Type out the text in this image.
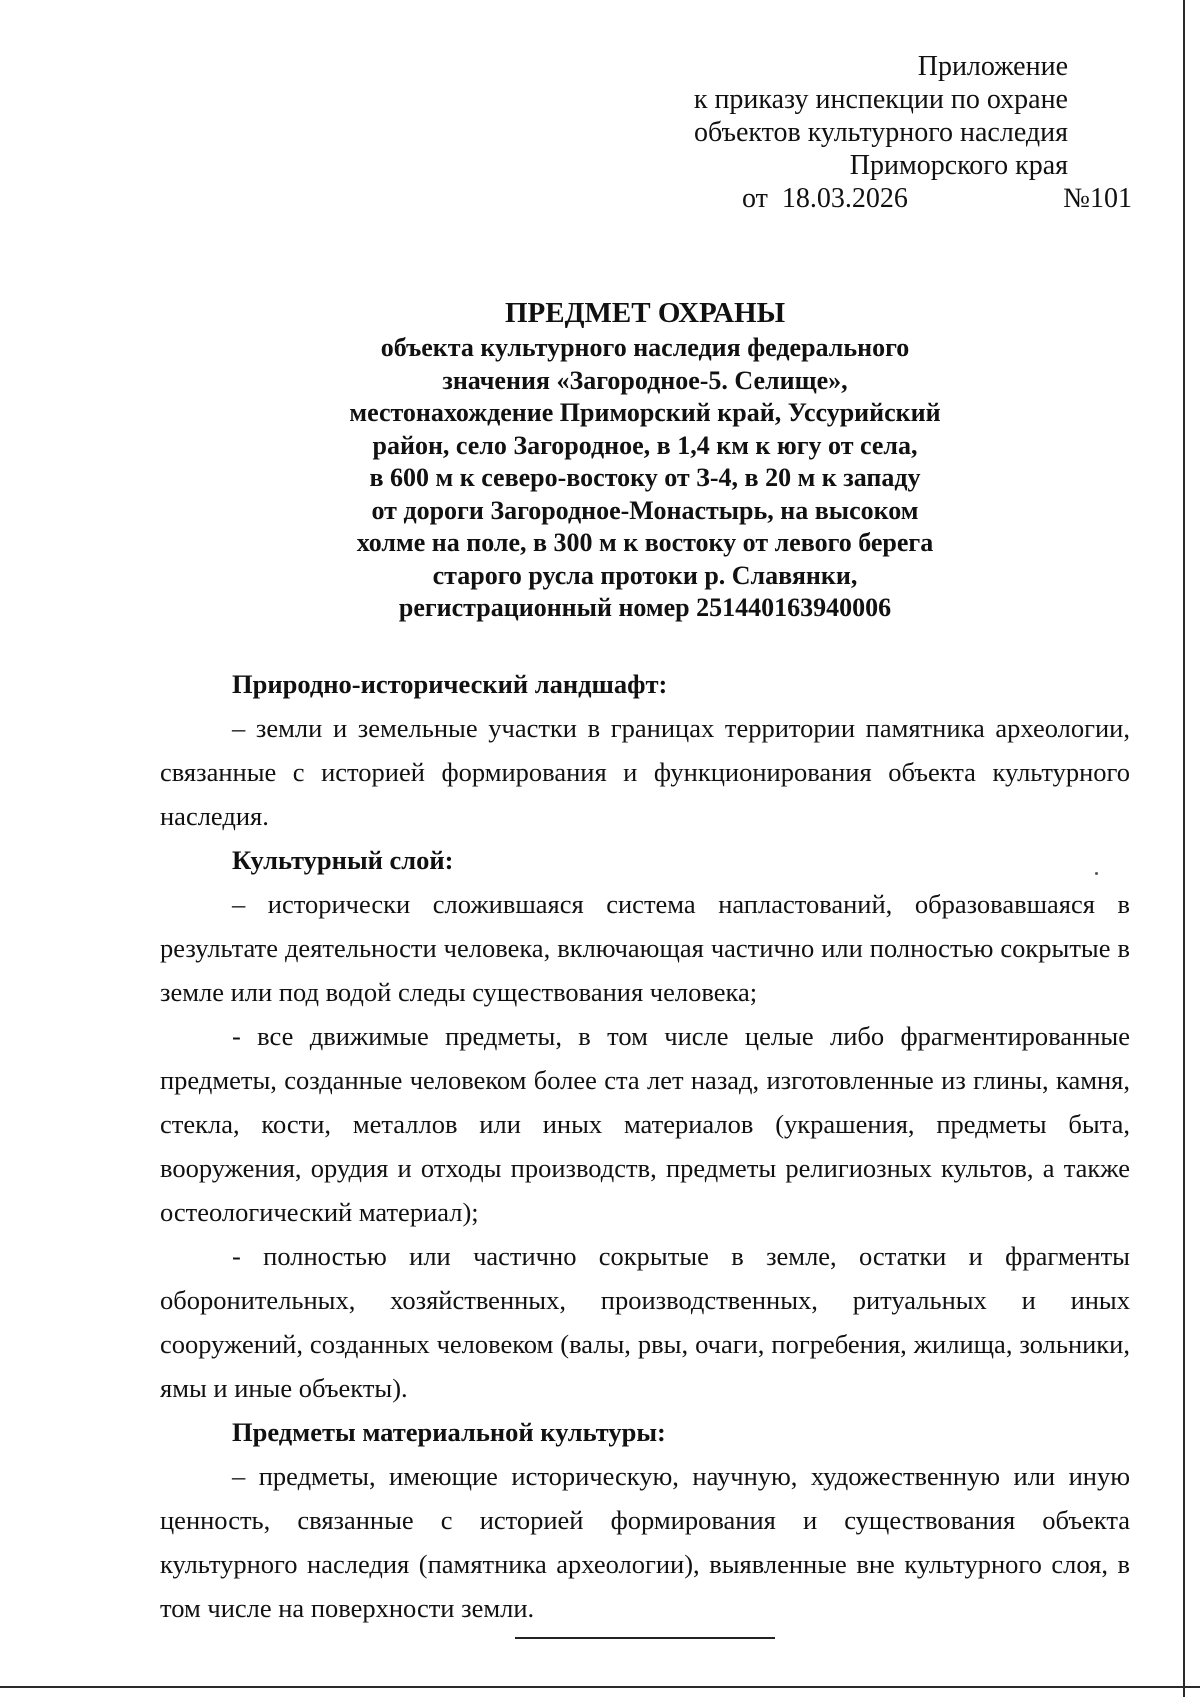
Приложение
к приказу инспекции по охране
объектов культурного наследия
Приморского края
от 18.03.2026	№101
ПРЕДМЕТ ОХРАНЫ
объекта культурного наследия федерального
значения «Загородное-5. Селище»,
местонахождение Приморский край, Уссурийский
район, село Загородное, в 1,4 км к югу от села,
в 600 м к северо-востоку от З-4, в 20 м к западу
от дороги Загородное-Монастырь, на высоком
холме на поле, в 300 м к востоку от левого берега
старого русла протоки р. Славянки,
регистрационный номер 251440163940006

Природно-исторический ландшафт:

– земли и земельные участки в границах территории памятника археологии, связанные с историей формирования и функционирования объекта культурного наследия.

Культурный слой:

– исторически сложившаяся система напластований, образовавшаяся в результате деятельности человека, включающая частично или полностью сокрытые в земле или под водой следы существования человека;

- все движимые предметы, в том числе целые либо фрагментированные предметы, созданные человеком более ста лет назад, изготовленные из глины, камня, стекла, кости, металлов или иных материалов (украшения, предметы быта, вооружения, орудия и отходы производств, предметы религиозных культов, а также остеологический материал);

- полностью или частично сокрытые в земле, остатки и фрагменты оборонительных, хозяйственных, производственных, ритуальных и иных сооружений, созданных человеком (валы, рвы, очаги, погребения, жилища, зольники, ямы и иные объекты).

Предметы материальной культуры:

– предметы, имеющие историческую, научную, художественную или иную ценность, связанные с историей формирования и существования объекта культурного наследия (памятника археологии), выявленные вне культурного слоя, в том числе на поверхности земли.
